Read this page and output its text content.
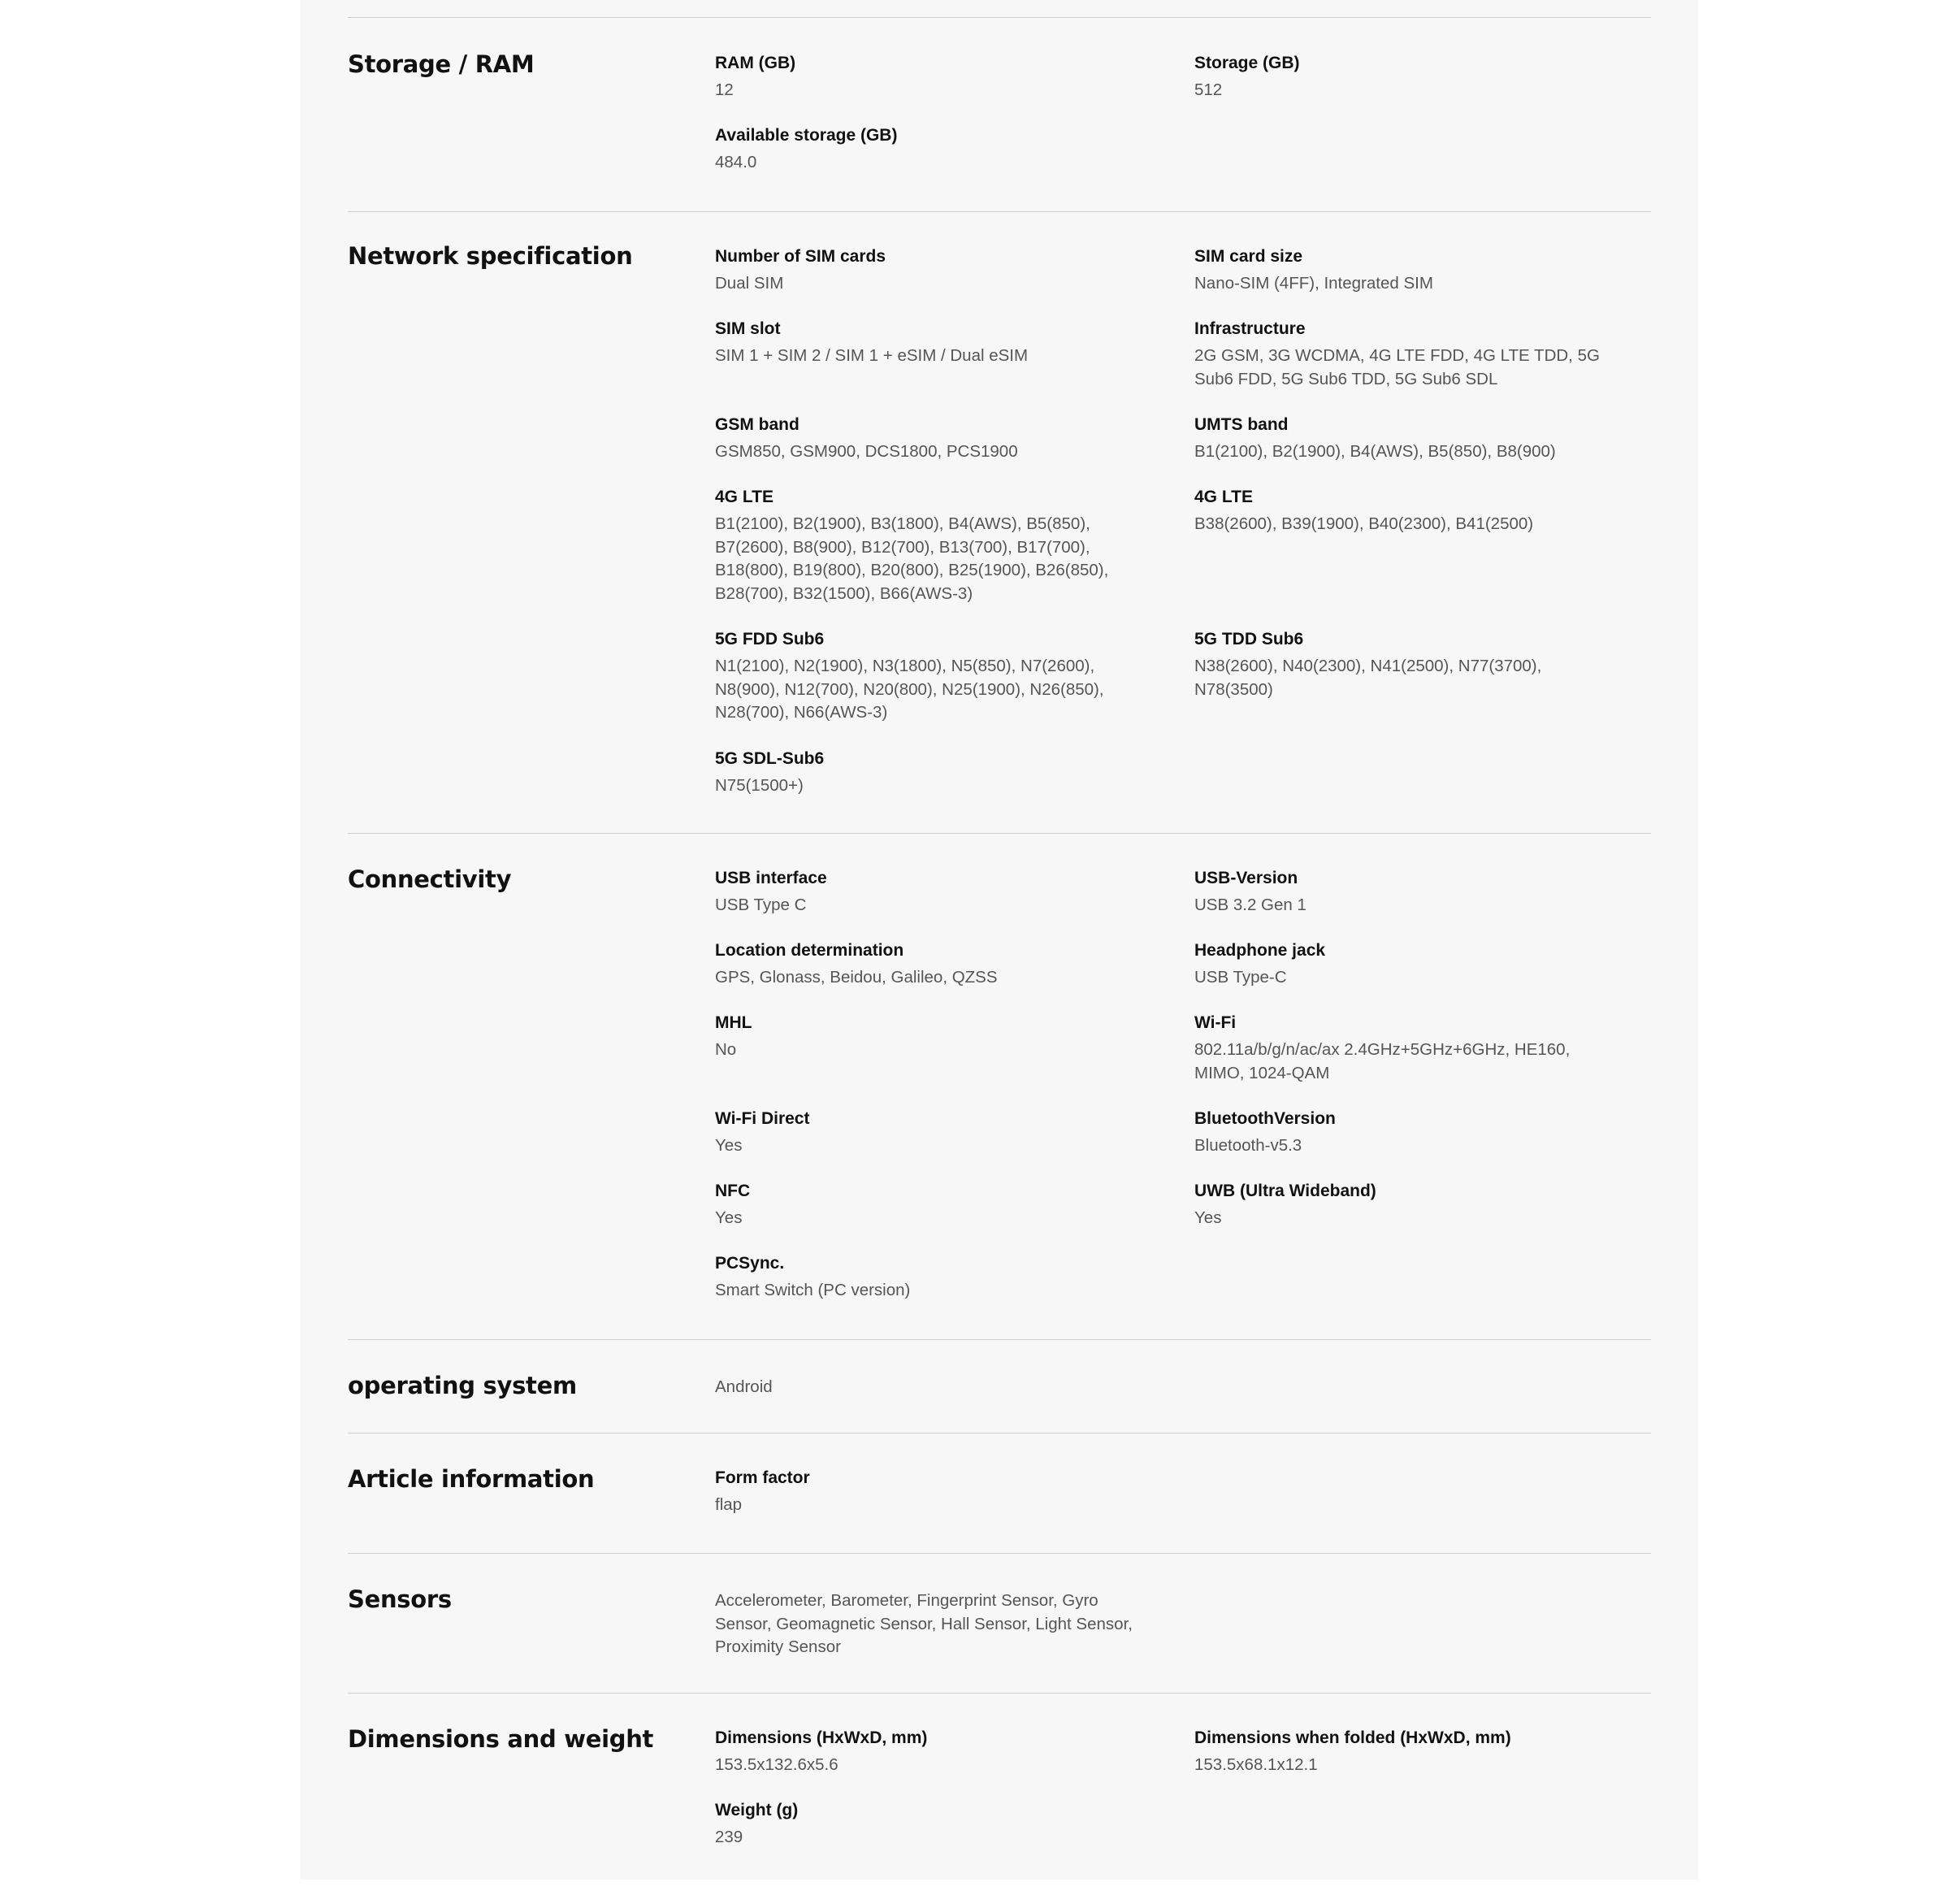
Storage / RAM	RAM (GB)
12
Storage (GB)
512
Available storage (GB)
484.0
Network specification	Number of SIM cards
Dual SIM
SIM card size
Nano-SIM (4FF), Integrated SIM
SIM slot
SIM 1 + SIM 2 / SIM 1 + eSIM / Dual eSIM
Infrastructure
2G GSM, 3G WCDMA, 4G LTE FDD, 4G LTE TDD, 5G Sub6 FDD, 5G Sub6 TDD, 5G Sub6 SDL
GSM band
GSM850, GSM900, DCS1800, PCS1900
UMTS band
B1(2100), B2(1900), B4(AWS), B5(850), B8(900)
4G LTE
B1(2100), B2(1900), B3(1800), B4(AWS), B5(850), B7(2600), B8(900), B12(700), B13(700), B17(700), B18(800), B19(800), B20(800), B25(1900), B26(850), B28(700), B32(1500), B66(AWS-3)
4G LTE
B38(2600), B39(1900), B40(2300), B41(2500)
5G FDD Sub6
N1(2100), N2(1900), N3(1800), N5(850), N7(2600), N8(900), N12(700), N20(800), N25(1900), N26(850), N28(700), N66(AWS-3)
5G TDD Sub6
N38(2600), N40(2300), N41(2500), N77(3700), N78(3500)
5G SDL-Sub6
N75(1500+)
Connectivity	USB interface
USB Type C
USB-Version
USB 3.2 Gen 1
Location determination
GPS, Glonass, Beidou, Galileo, QZSS
Headphone jack
USB Type-C
MHL
No
Wi-Fi
802.11a/b/g/n/ac/ax 2.4GHz+5GHz+6GHz, HE160, MIMO, 1024-QAM
Wi-Fi Direct
Yes
BluetoothVersion
Bluetooth-v5.3
NFC
Yes
UWB (Ultra Wideband)
Yes
PCSync.
Smart Switch (PC version)
operating system	Android
Article information	Form factor
flap
Sensors	Accelerometer, Barometer, Fingerprint Sensor, Gyro Sensor, Geomagnetic Sensor, Hall Sensor, Light Sensor, Proximity Sensor
Dimensions and weight	Dimensions (HxWxD, mm)
153.5x132.6x5.6
Dimensions when folded (HxWxD, mm)
153.5x68.1x12.1
Weight (g)
239
